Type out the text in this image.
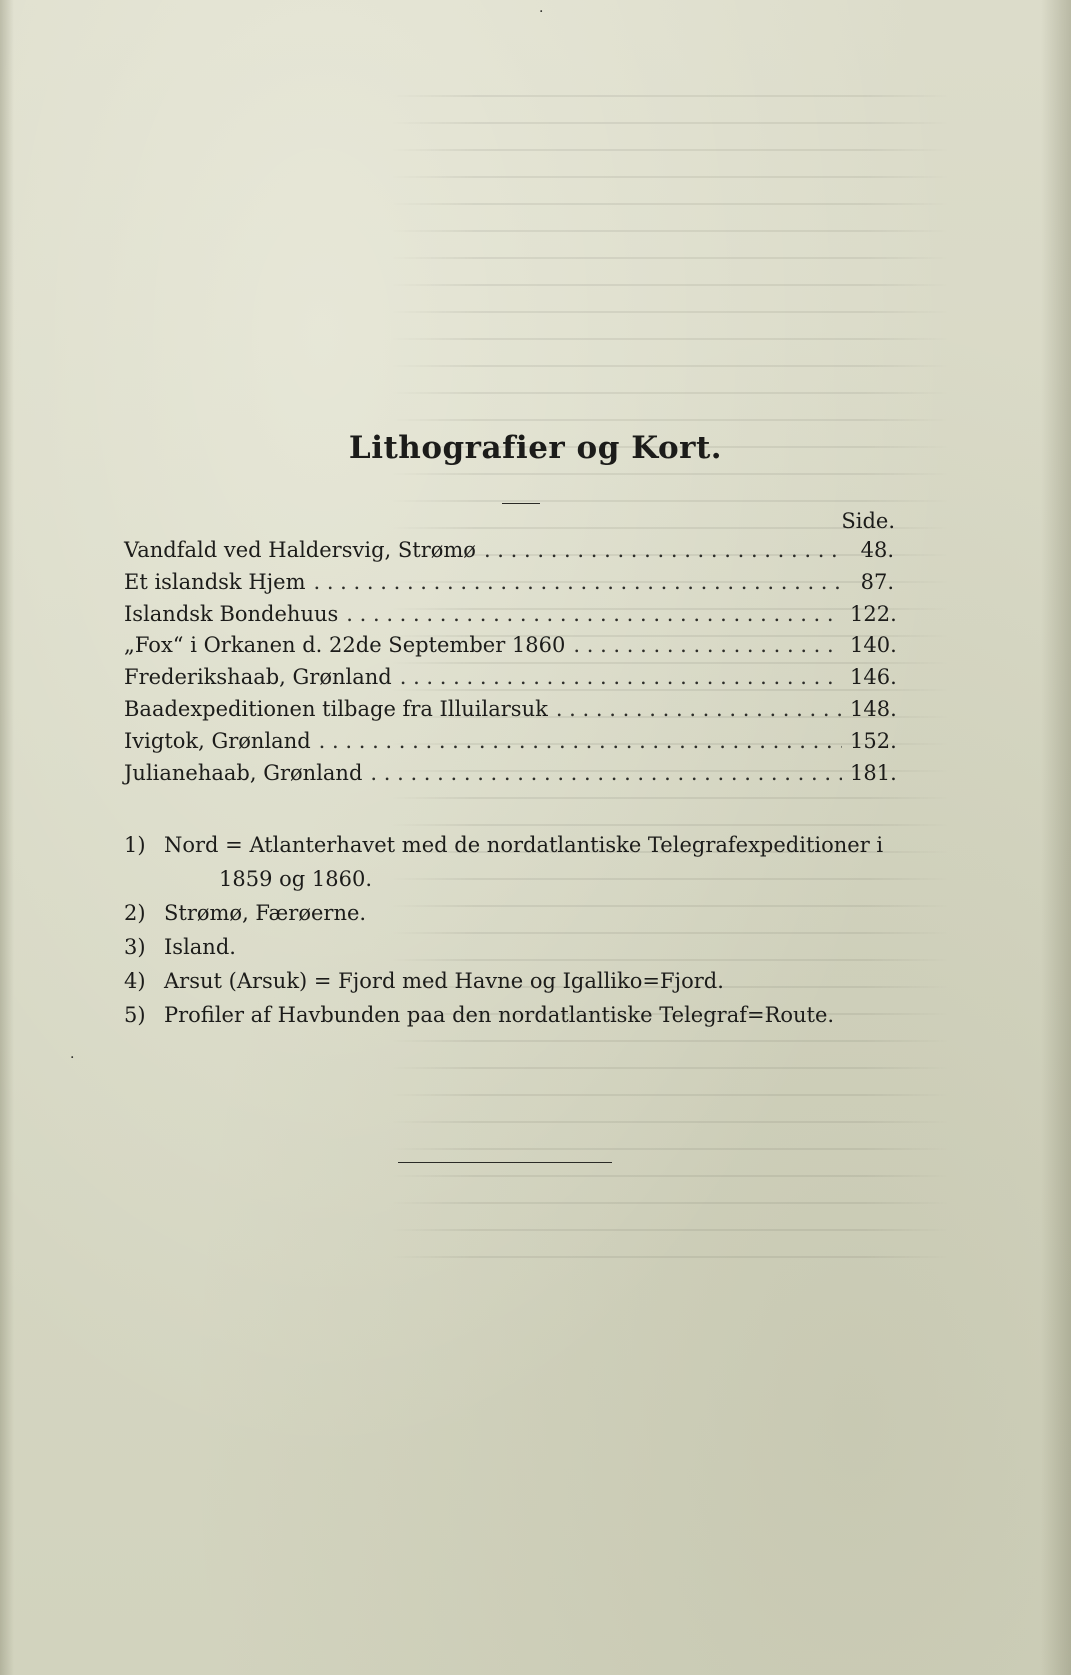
·
·
Lithografier og Kort.
Side.
Vandfald ved Haldersvig, Strømø . . .	48.
Et islandsk Hjem . . .	87.
Islandsk Bondehuus . . .	122.
„Fox“ i Orkanen d. 22de September 1860 . . .	140.
Frederikshaab, Grønland . . .	146.
Baadexpeditionen tilbage fra Illuilarsuk . . .	148.
Ivigtok, Grønland . . .	152.
Julianehaab, Grønland . . .	181.
1) Nord = Atlanterhavet med de nordatlantiske Telegrafexpeditioner i
1859 og 1860.
2) Strømø, Færøerne.
3) Island.
4) Arsut (Arsuk) = Fjord med Havne og Igalliko=Fjord.
5) Profiler af Havbunden paa den nordatlantiske Telegraf=Route.
